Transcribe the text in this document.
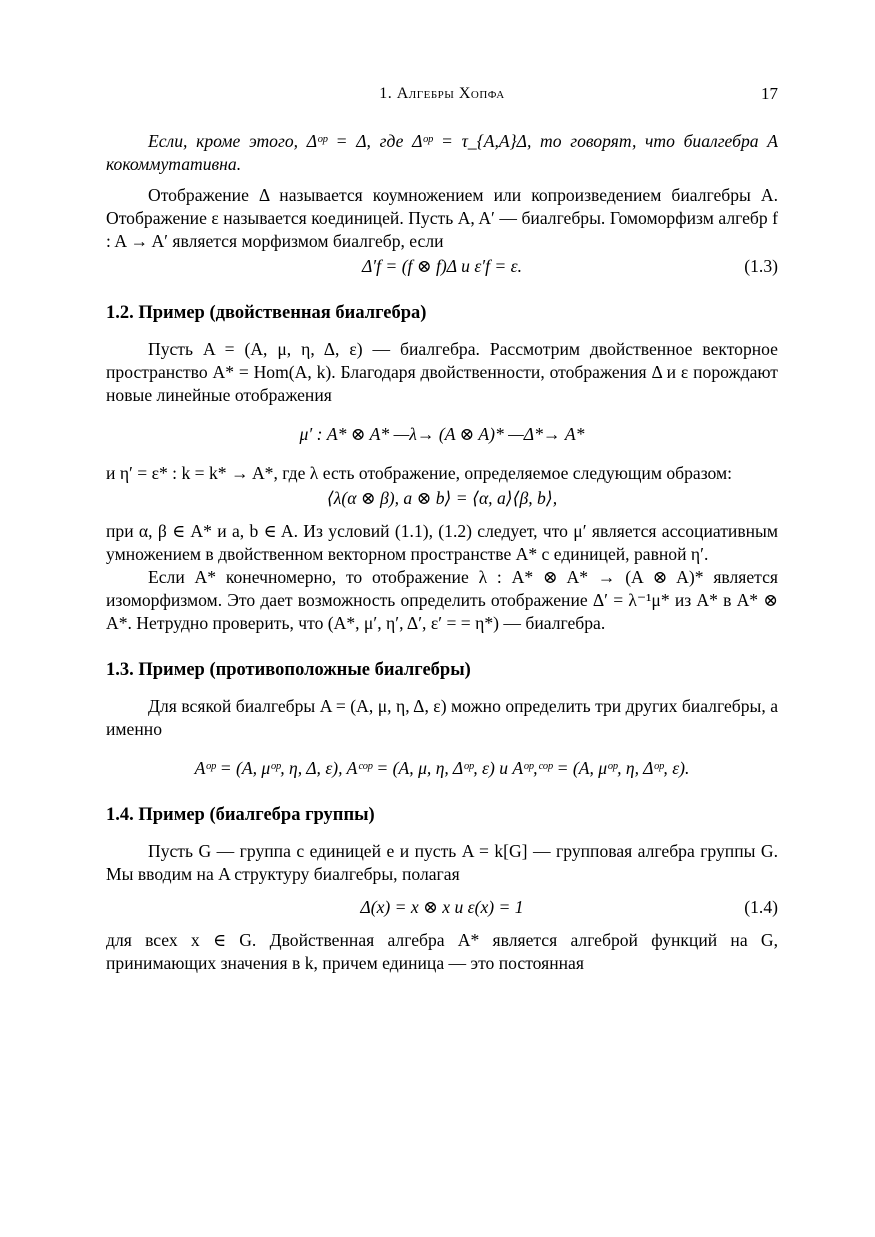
1. Алгебры Хопфа	17

Если, кроме этого, Δᵒᵖ = Δ, где Δᵒᵖ = τ_{A,A}Δ, то говорят, что биалгебра A кокоммутативна.

Отображение Δ называется коумножением или копроизведением биалгебры A. Отображение ε называется коединицей. Пусть A, A′ — биалгебры. Гомоморфизм алгебр f : A → A′ является морфизмом биалгебр, если

Δ′f = (f ⊗ f)Δ и ε′f = ε.	(1.3)
1.2. Пример (двойственная биалгебра)

Пусть A = (A, μ, η, Δ, ε) — биалгебра. Рассмотрим двойственное векторное пространство A* = Hom(A, k). Благодаря двойственности, отображения Δ и ε порождают новые линейные отображения

μ′ : A* ⊗ A* —λ→ (A ⊗ A)* —Δ*→ A*

и η′ = ε* : k = k* → A*, где λ есть отображение, определяемое следующим образом:

⟨λ(α ⊗ β), a ⊗ b⟩ = ⟨α, a⟩⟨β, b⟩,

при α, β ∈ A* и a, b ∈ A. Из условий (1.1), (1.2) следует, что μ′ является ассоциативным умножением в двойственном векторном пространстве A* с единицей, равной η′.

Если A* конечномерно, то отображение λ : A* ⊗ A* → (A ⊗ A)* является изоморфизмом. Это дает возможность определить отображение Δ′ = λ⁻¹μ* из A* в A* ⊗ A*. Нетрудно проверить, что (A*, μ′, η′, Δ′, ε′ = = η*) — биалгебра.

1.3. Пример (противоположные биалгебры)

Для всякой биалгебры A = (A, μ, η, Δ, ε) можно определить три других биалгебры, а именно

Aᵒᵖ = (A, μᵒᵖ, η, Δ, ε), Aᶜᵒᵖ = (A, μ, η, Δᵒᵖ, ε) и Aᵒᵖ,ᶜᵒᵖ = (A, μᵒᵖ, η, Δᵒᵖ, ε).
1.4. Пример (биалгебра группы)

Пусть G — группа с единицей e и пусть A = k[G] — групповая алгебра группы G. Мы вводим на A структуру биалгебры, полагая

Δ(x) = x ⊗ x и ε(x) = 1	(1.4)

для всех x ∈ G. Двойственная алгебра A* является алгеброй функций на G, принимающих значения в k, причем единица — это постоянная
